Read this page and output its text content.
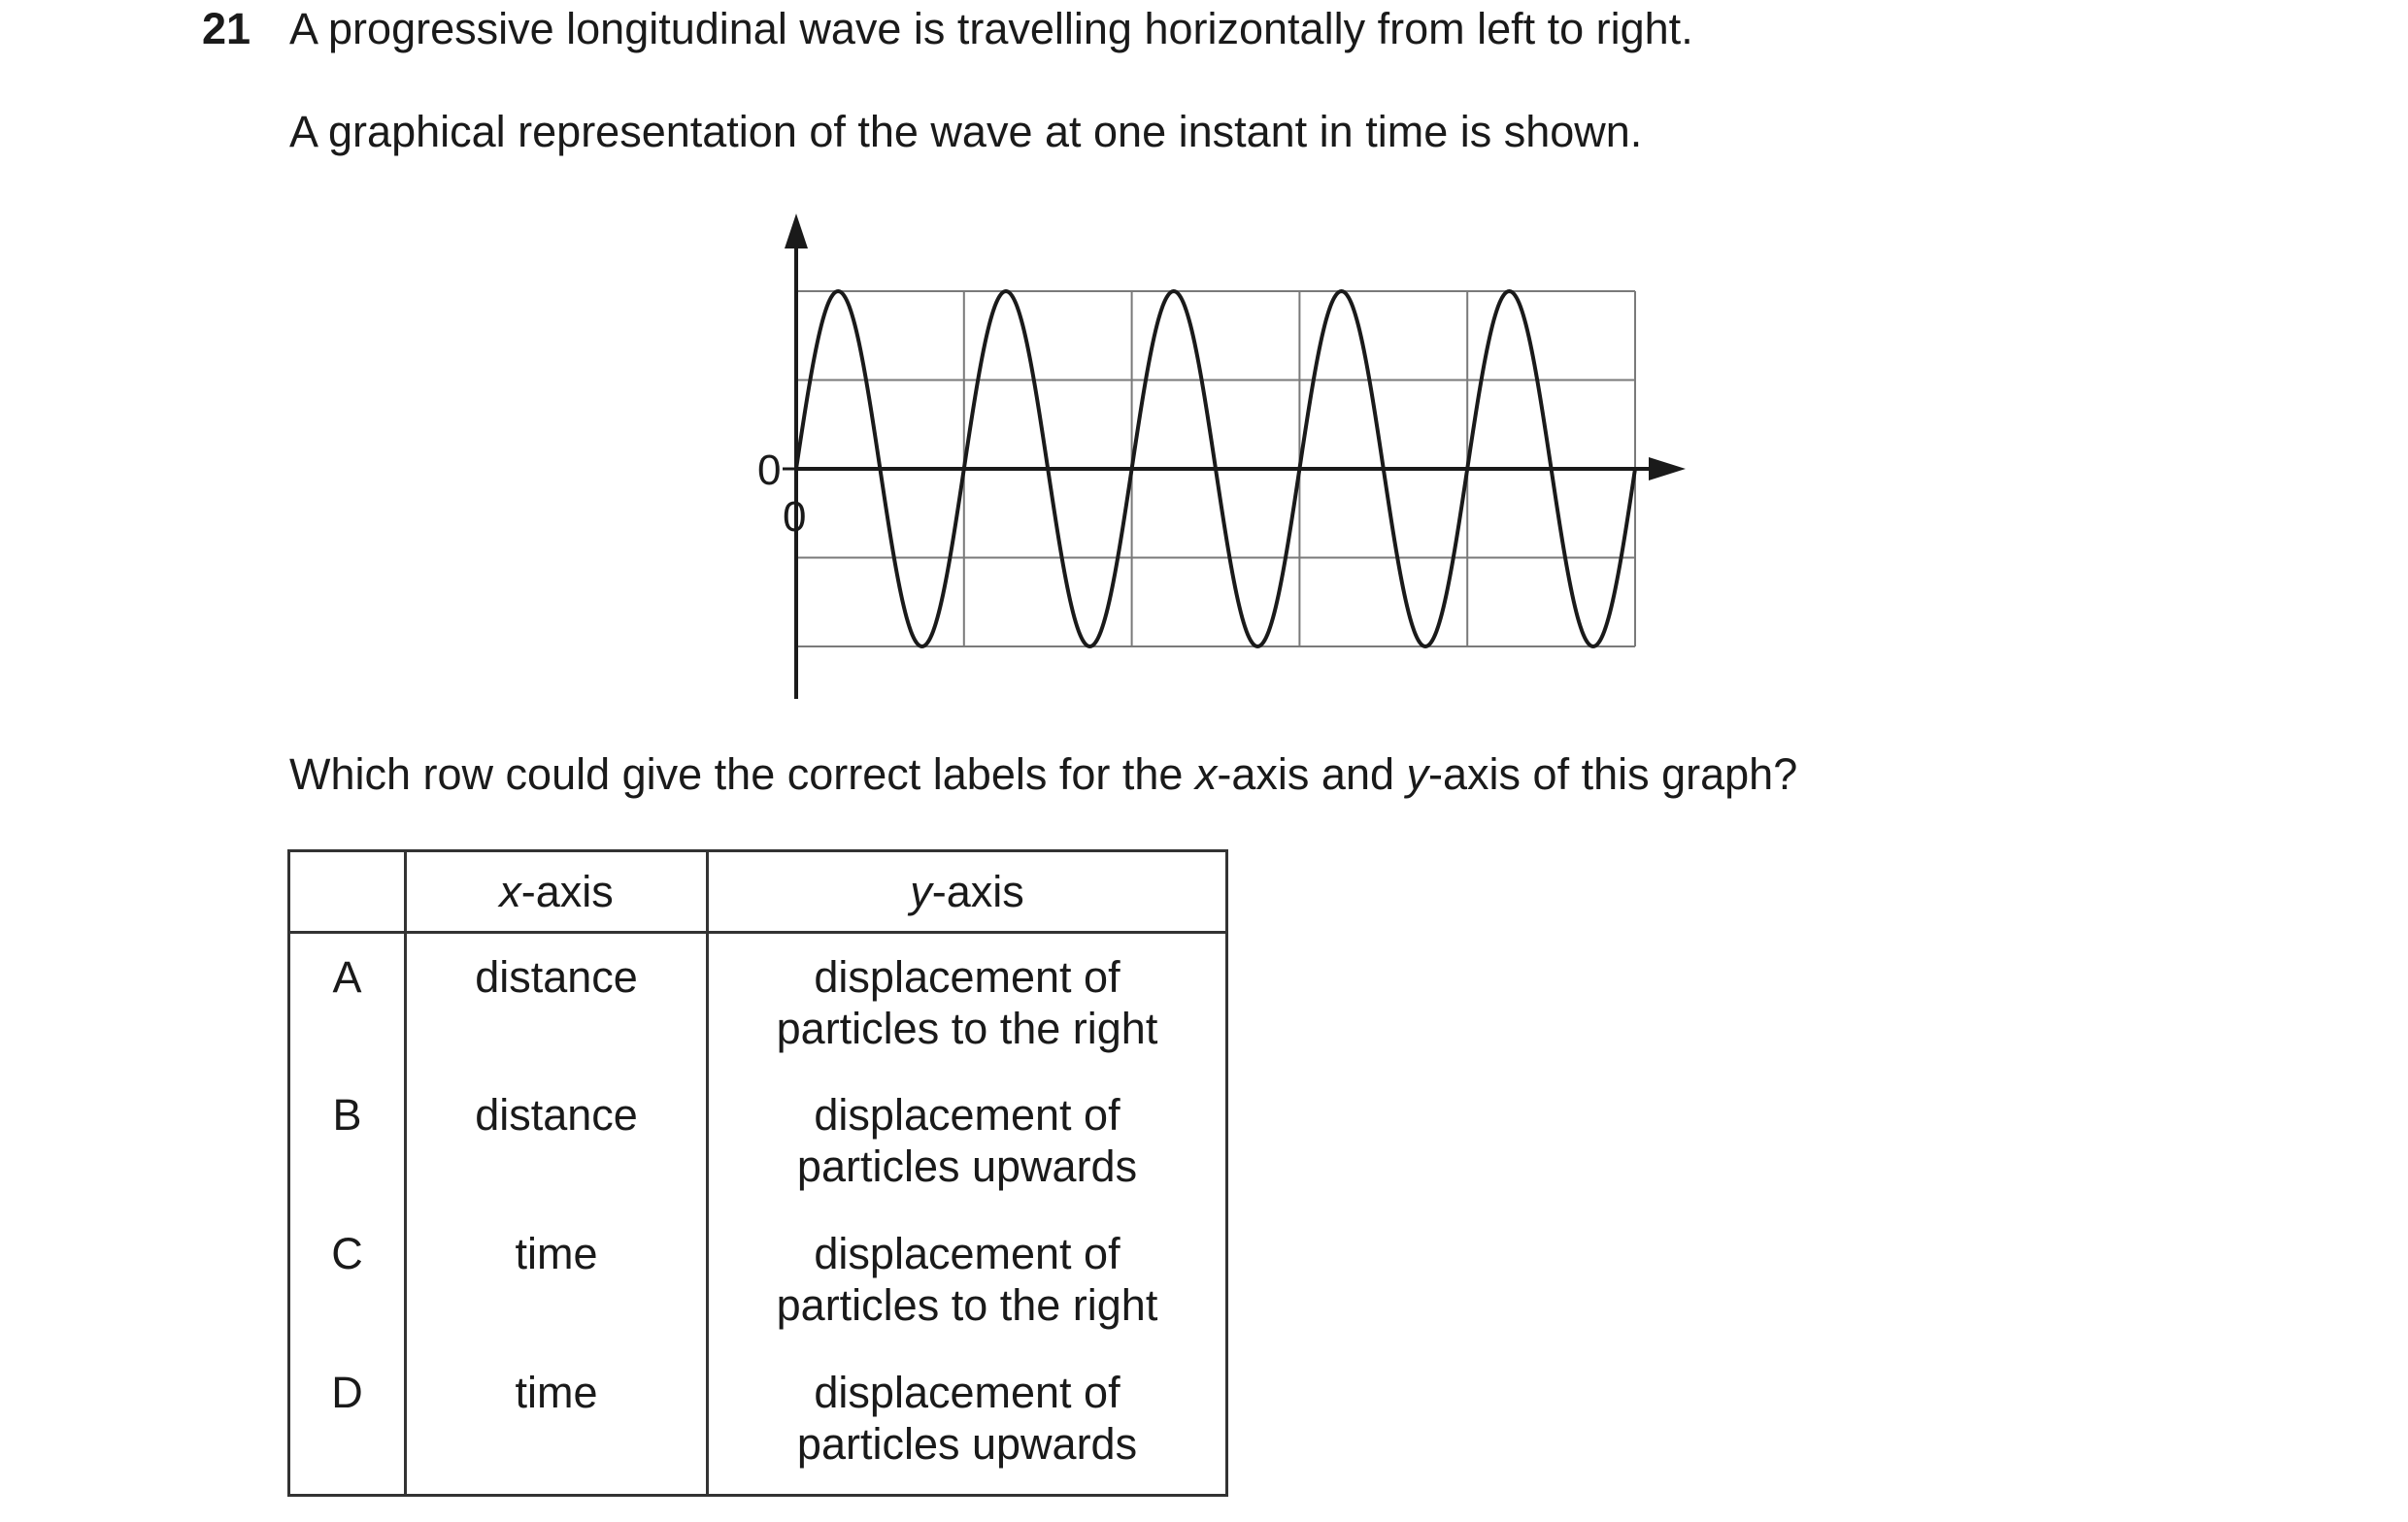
21 A progressive longitudinal wave is travelling horizontally from left to right.
A graphical representation of the wave at one instant in time is shown.
0
0
Which row could give the correct labels for the x-axis and y-axis of this graph?
	x-axis	y-axis
A	distance	displacement of
particles to the right

B	distance	displacement of
particles upwards

C	time	displacement of
particles to the right

D	time	displacement of
particles upwards
